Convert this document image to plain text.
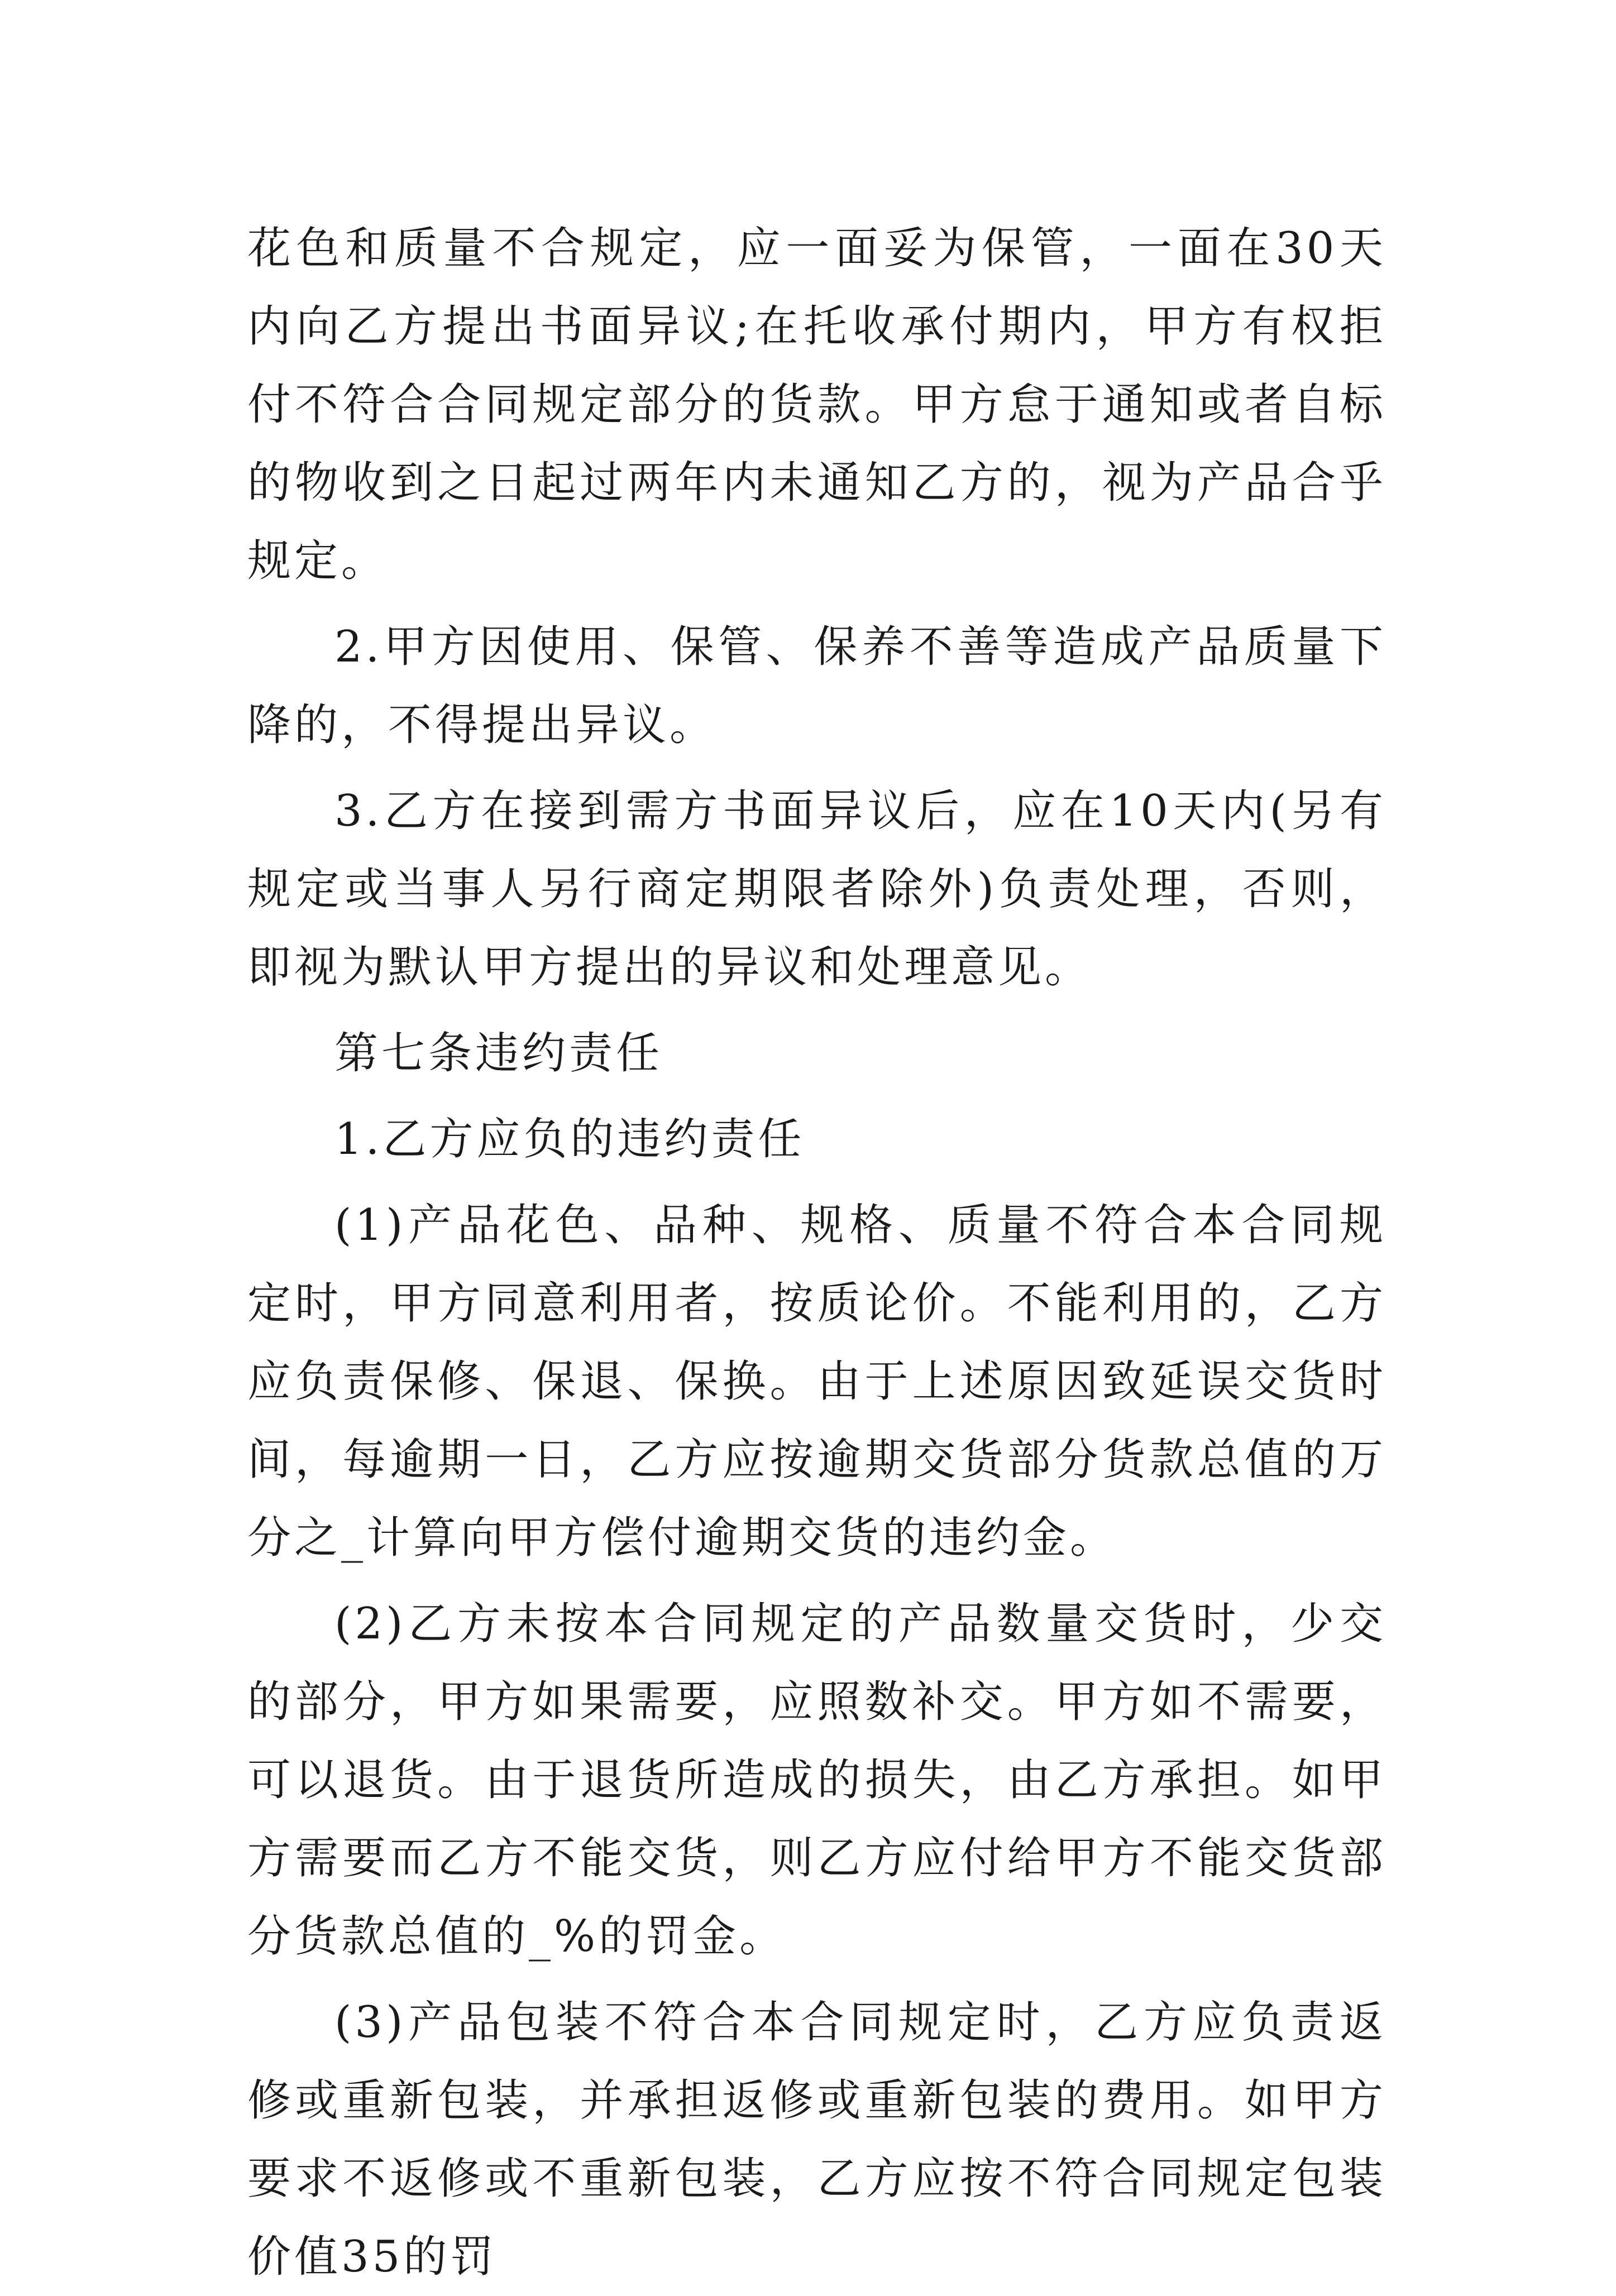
花色和质量不合规定，应一面妥为保管，一面在30天内向乙方提出书面异议;在托收承付期内，甲方有权拒付不符合合同规定部分的货款。甲方怠于通知或者自标的物收到之日起过两年内未通知乙方的，视为产品合乎规定。

2.甲方因使用、保管、保养不善等造成产品质量下降的，不得提出异议。

3.乙方在接到需方书面异议后，应在10天内(另有规定或当事人另行商定期限者除外)负责处理，否则，即视为默认甲方提出的异议和处理意见。

第七条违约责任

1.乙方应负的违约责任

(1)产品花色、品种、规格、质量不符合本合同规定时，甲方同意利用者，按质论价。不能利用的，乙方应负责保修、保退、保换。由于上述原因致延误交货时间，每逾期一日，乙方应按逾期交货部分货款总值的万分之_计算向甲方偿付逾期交货的违约金。

(2)乙方未按本合同规定的产品数量交货时，少交的部分，甲方如果需要，应照数补交。甲方如不需要，可以退货。由于退货所造成的损失，由乙方承担。如甲方需要而乙方不能交货，则乙方应付给甲方不能交货部分货款总值的_%的罚金。

(3)产品包装不符合本合同规定时，乙方应负责返修或重新包装，并承担返修或重新包装的费用。如甲方要求不返修或不重新包装，乙方应按不符合同规定包装价值35的罚
